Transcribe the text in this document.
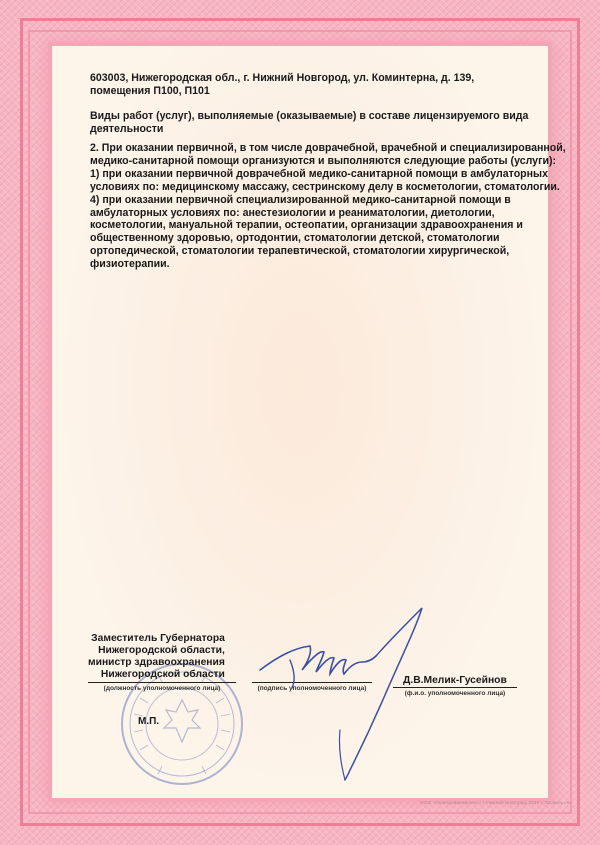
603003, Нижегородская обл., г. Нижний Новгород, ул. Коминтерна, д. 139,
помещения П100, П101

Виды работ (услуг), выполняемые (оказываемые) в составе лицензируемого вида
деятельности

2. При оказании первичной, в том числе доврачебной, врачебной и специализированной,
медико-санитарной помощи организуются и выполняются следующие работы (услуги):
1) при оказании первичной доврачебной медико-санитарной помощи в амбулаторных
условиях по: медицинскому массажу, сестринскому делу в косметологии, стоматологии.
4) при оказании первичной специализированной медико-санитарной помощи в
амбулаторных условиях по: анестезиологии и реаниматологии, диетологии,
косметологии, мануальной терапии, остеопатии, организации здравоохранения и
общественному здоровью, ортодонтии, стоматологии детской, стоматологии
ортопедической, стоматологии терапевтической, стоматологии хирургической,
физиотерапии.

Заместитель Губернатора
Нижегородской области,
министр здравоохранения
Нижегородской области
(должность уполномоченного лица)	(подпись уполномоченного лица)
Д.В.Мелик-Гусейнов
(ф.и.о. уполномоченного лица)
М.П.
ООО «Полиграфкомплекс» г. Нижний Новгород, 2019 г. Уровень «Б»
